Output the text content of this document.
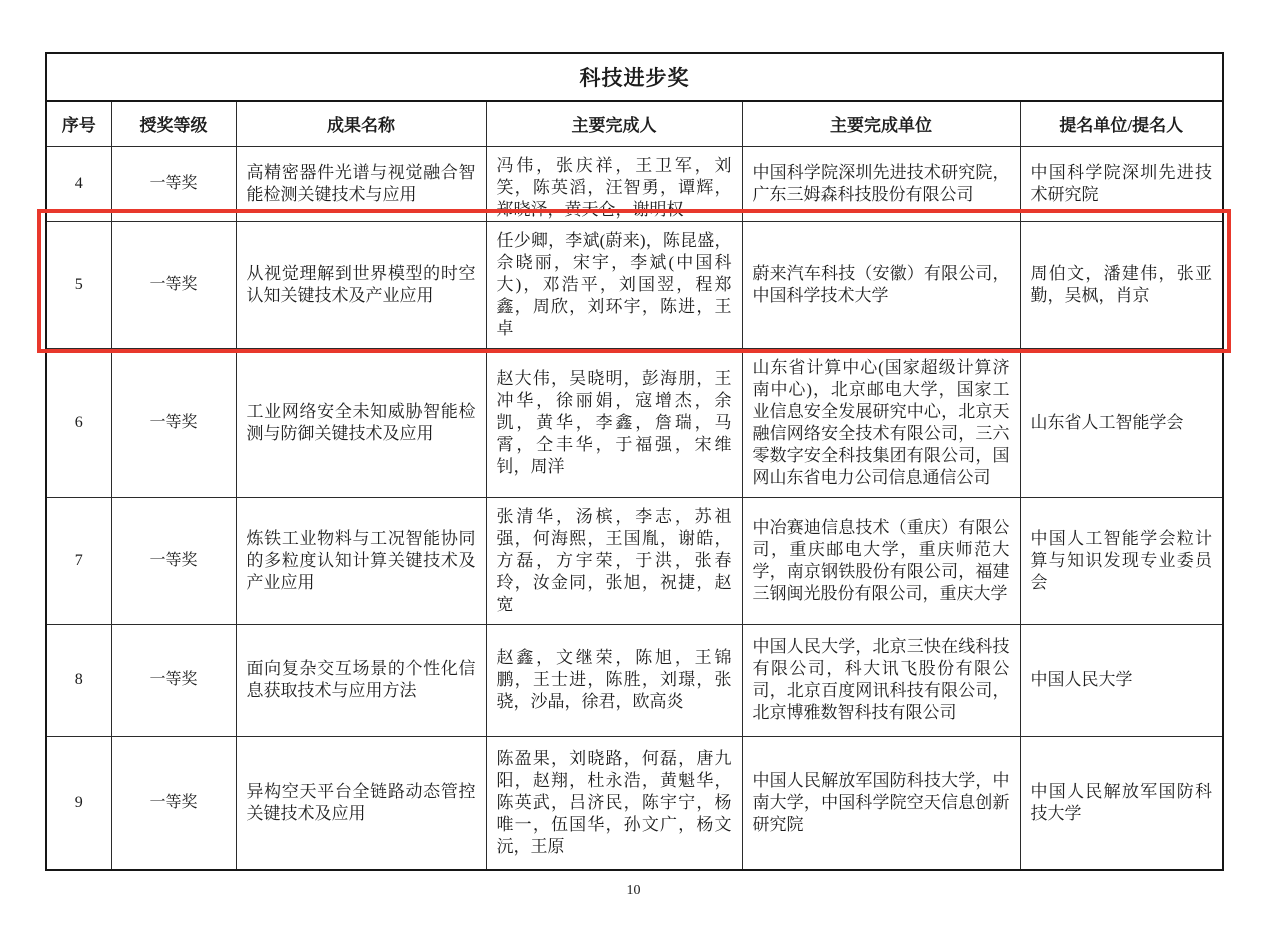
科技进步奖					
序号	授奖等级	成果名称	主要完成人	主要完成单位	提名单位/提名人
4	一等奖	高精密器件光谱与视觉融合智能检测关键技术与应用	冯伟，张庆祥，王卫军，刘笑，陈英滔，汪智勇，谭辉，郑晓泽，黄天仑，谢明权	中国科学院深圳先进技术研究院，广东三姆森科技股份有限公司	中国科学院深圳先进技术研究院
5	一等奖	从视觉理解到世界模型的时空认知关键技术及产业应用	任少卿，李斌(蔚来)，陈昆盛，佘晓丽，宋宇，李斌(中国科大)，邓浩平，刘国翌，程郑鑫，周欣，刘环宇，陈进，王卓	蔚来汽车科技（安徽）有限公司，中国科学技术大学	周伯文，潘建伟，张亚勤，吴枫，肖京
6	一等奖	工业网络安全未知威胁智能检测与防御关键技术及应用	赵大伟，吴晓明，彭海朋，王冲华，徐丽娟，寇增杰，余凯，黄华，李鑫，詹瑞，马霄，仝丰华，于福强，宋维钊，周洋	山东省计算中心(国家超级计算济南中心)，北京邮电大学，国家工业信息安全发展研究中心，北京天融信网络安全技术有限公司，三六零数字安全科技集团有限公司，国网山东省电力公司信息通信公司	山东省人工智能学会
7	一等奖	炼铁工业物料与工况智能协同的多粒度认知计算关键技术及产业应用	张清华，汤槟，李志，苏祖强，何海熙，王国胤，谢皓，方磊，方宇荣，于洪，张春玲，汝金同，张旭，祝捷，赵宽	中冶赛迪信息技术（重庆）有限公司，重庆邮电大学，重庆师范大学，南京钢铁股份有限公司，福建三钢闽光股份有限公司，重庆大学	中国人工智能学会粒计算与知识发现专业委员会
8	一等奖	面向复杂交互场景的个性化信息获取技术与应用方法	赵鑫，文继荣，陈旭，王锦鹏，王士进，陈胜，刘璟，张骁，沙晶，徐君，欧高炎	中国人民大学，北京三快在线科技有限公司，科大讯飞股份有限公司，北京百度网讯科技有限公司，北京博雅数智科技有限公司	中国人民大学
9	一等奖	异构空天平台全链路动态管控关键技术及应用	陈盈果，刘晓路，何磊，唐九阳，赵翔，杜永浩，黄魁华，陈英武，吕济民，陈宇宁，杨唯一，伍国华，孙文广，杨文沅，王原	中国人民解放军国防科技大学，中南大学，中国科学院空天信息创新研究院	中国人民解放军国防科技大学
10
